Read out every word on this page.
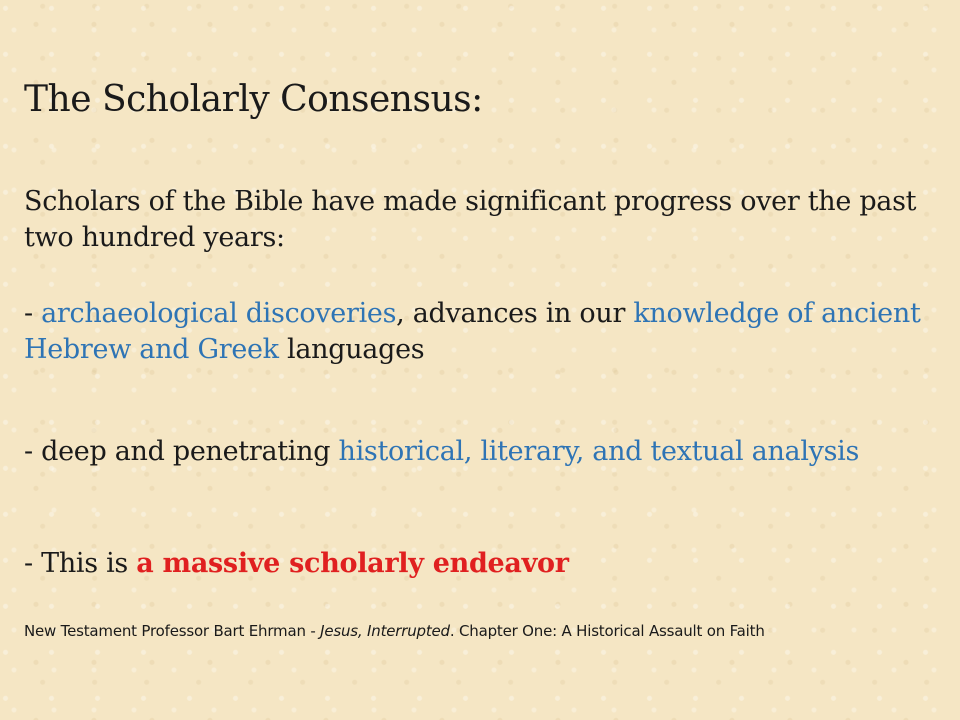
The Scholarly Consensus:

Scholars of the Bible have made significant progress over the past two hundred years:

- archaeological discoveries, advances in our knowledge of ancient Hebrew and Greek languages

- deep and penetrating historical, literary, and textual analysis

- This is a massive scholarly endeavor

New Testament Professor Bart Ehrman - Jesus, Interrupted. Chapter One: A Historical Assault on Faith
